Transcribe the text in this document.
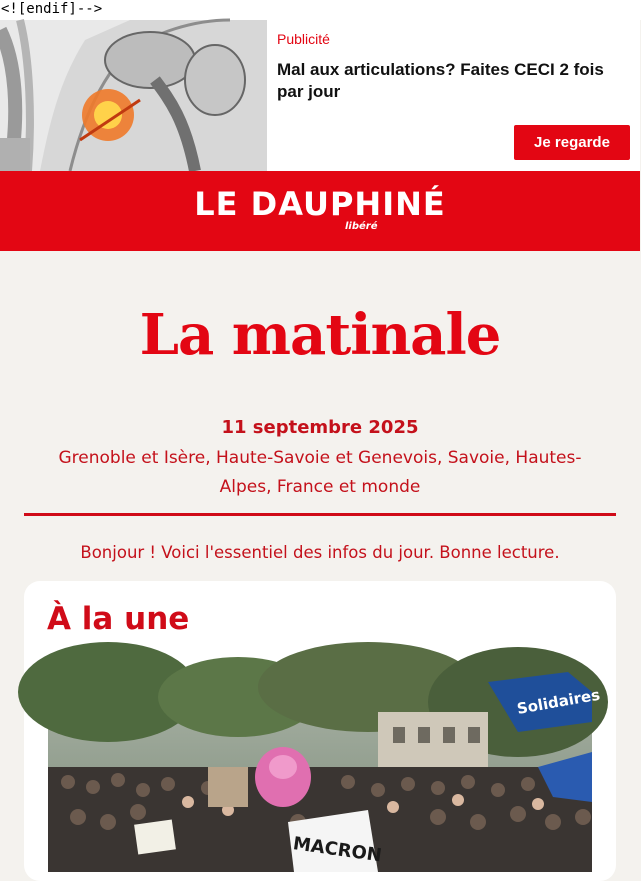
<![endif]-->
Publicité
Mal aux articulations? Faites CECI 2 fois par jour
Je regarde
LE DAUPHINÉ
libéré
La matinale
11 septembre 2025
Grenoble et Isère, Haute-Savoie et Genevois, Savoie, Hautes-Alpes, France et monde
Bonjour ! Voici l'essentiel des infos du jour. Bonne lecture.
À la une
Solidaires
MACRON
